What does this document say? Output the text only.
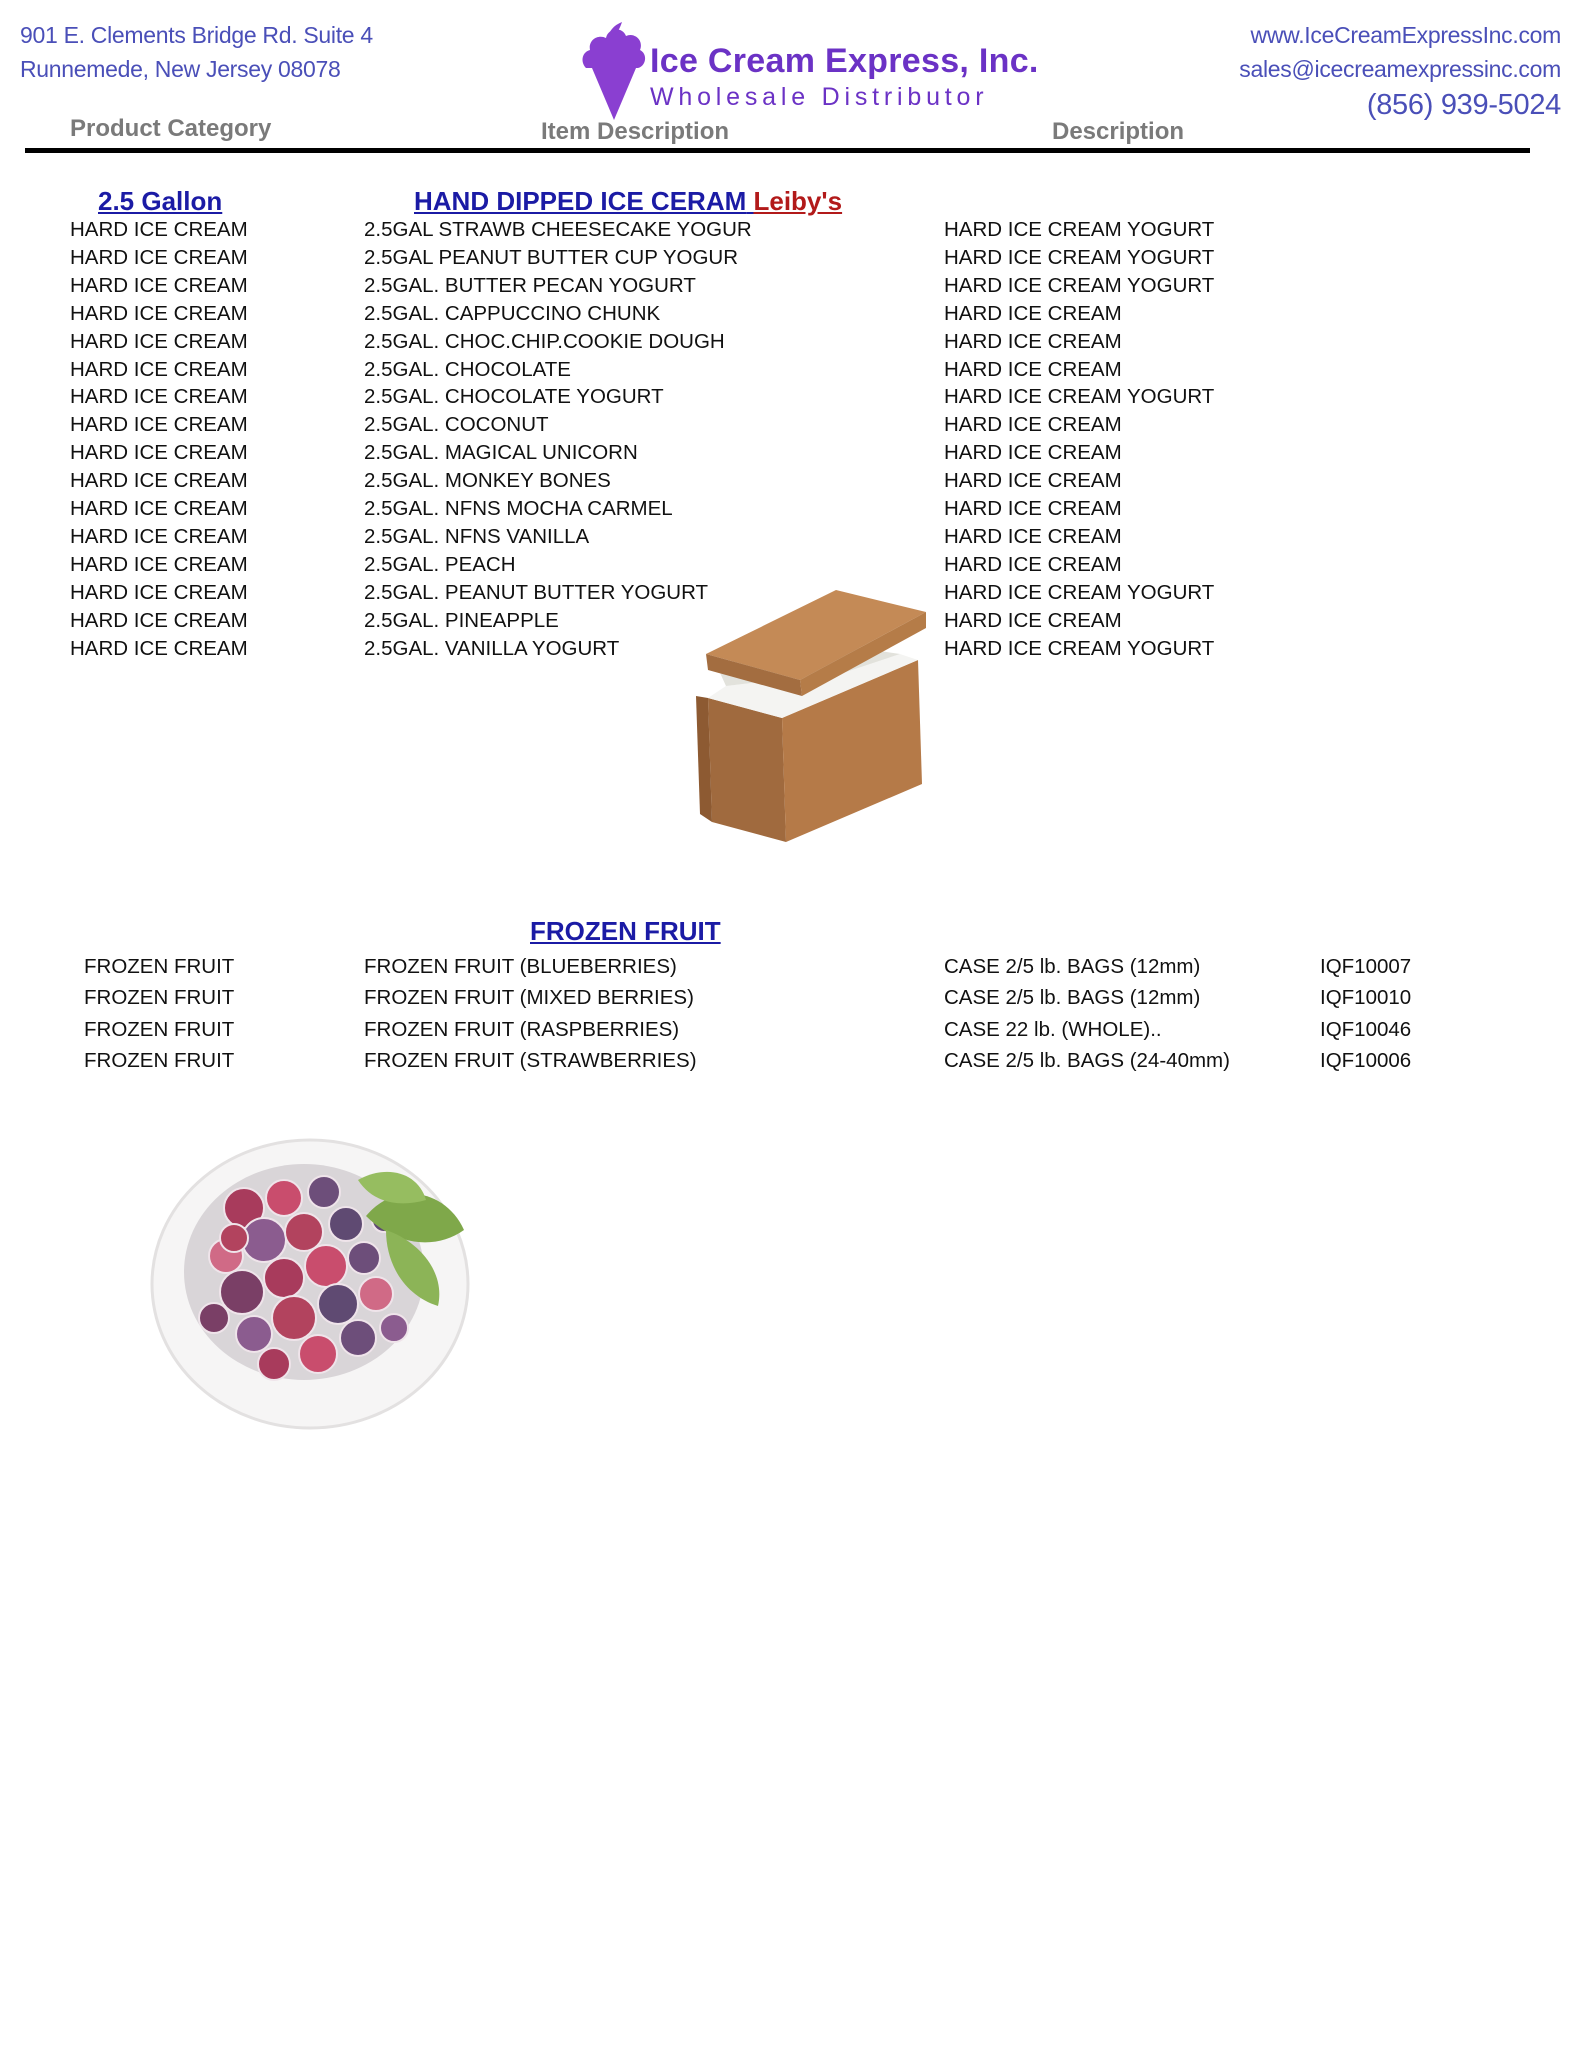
901 E. Clements Bridge Rd. Suite 4
Runnemede, New Jersey 08078	Ice Cream Express, Inc.
Wholesale Distributor
www.IceCreamExpressInc.com
sales@icecreamexpressinc.com
(856) 939-5024
Product Category	Item Description	Description
2.5 Gallon	HAND DIPPED ICE CERAM Leiby's
HARD ICE CREAM	2.5GAL STRAWB CHEESECAKE YOGUR	HARD ICE CREAM YOGURT
HARD ICE CREAM	2.5GAL PEANUT BUTTER CUP YOGUR	HARD ICE CREAM YOGURT
HARD ICE CREAM	2.5GAL. BUTTER PECAN YOGURT	HARD ICE CREAM YOGURT
HARD ICE CREAM	2.5GAL. CAPPUCCINO CHUNK	HARD ICE CREAM
HARD ICE CREAM	2.5GAL. CHOC.CHIP.COOKIE DOUGH	HARD ICE CREAM
HARD ICE CREAM	2.5GAL. CHOCOLATE	HARD ICE CREAM
HARD ICE CREAM	2.5GAL. CHOCOLATE YOGURT	HARD ICE CREAM YOGURT
HARD ICE CREAM	2.5GAL. COCONUT	HARD ICE CREAM
HARD ICE CREAM	2.5GAL. MAGICAL UNICORN	HARD ICE CREAM
HARD ICE CREAM	2.5GAL. MONKEY BONES	HARD ICE CREAM
HARD ICE CREAM	2.5GAL. NFNS MOCHA CARMEL	HARD ICE CREAM
HARD ICE CREAM	2.5GAL. NFNS VANILLA	HARD ICE CREAM
HARD ICE CREAM	2.5GAL. PEACH	HARD ICE CREAM
HARD ICE CREAM	2.5GAL. PEANUT BUTTER YOGURT	HARD ICE CREAM YOGURT
HARD ICE CREAM	2.5GAL. PINEAPPLE	HARD ICE CREAM
HARD ICE CREAM	2.5GAL. VANILLA YOGURT	HARD ICE CREAM YOGURT
FROZEN FRUIT
FROZEN FRUIT	FROZEN FRUIT (BLUEBERRIES)	CASE 2/5 lb. BAGS (12mm)	IQF10007
FROZEN FRUIT	FROZEN FRUIT (MIXED BERRIES)	CASE 2/5 lb. BAGS (12mm)	IQF10010
FROZEN FRUIT	FROZEN FRUIT (RASPBERRIES)	CASE 22 lb. (WHOLE)..	IQF10046
FROZEN FRUIT	FROZEN FRUIT (STRAWBERRIES)	CASE 2/5 lb. BAGS (24-40mm)	IQF10006
